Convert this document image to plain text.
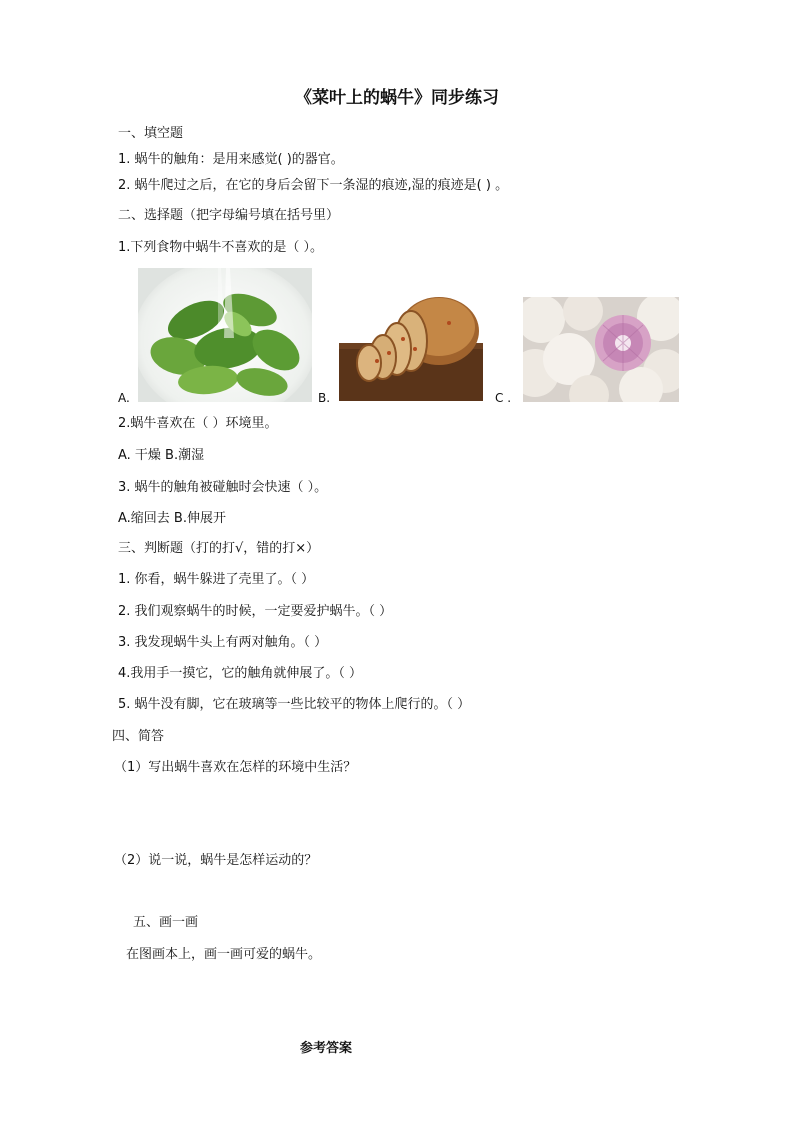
《菜叶上的蜗牛》同步练习
一、填空题
1. 蜗牛的触角：是用来感觉( )的器官。
2. 蜗牛爬过之后，在它的身后会留下一条湿的痕迹,湿的痕迹是( ) 。
二、选择题（把字母编号填在括号里）
1.下列食物中蜗牛不喜欢的是（ ）。
A.	B.	C .
2.蜗牛喜欢在（ ）环境里。
A. 干燥 B.潮湿
3. 蜗牛的触角被碰触时会快速（ ）。
A.缩回去 B.伸展开
三、判断题（打的打√，错的打×）
1. 你看，蜗牛躲进了壳里了。（ ）
2. 我们观察蜗牛的时候，一定要爱护蜗牛。（ ）
3. 我发现蜗牛头上有两对触角。（ ）
4.我用手一摸它，它的触角就伸展了。（ ）
5. 蜗牛没有脚，它在玻璃等一些比较平的物体上爬行的。（ ）
四、简答
（1）写出蜗牛喜欢在怎样的环境中生活？
（2）说一说，蜗牛是怎样运动的？
五、画一画
在图画本上，画一画可爱的蜗牛。
参考答案
